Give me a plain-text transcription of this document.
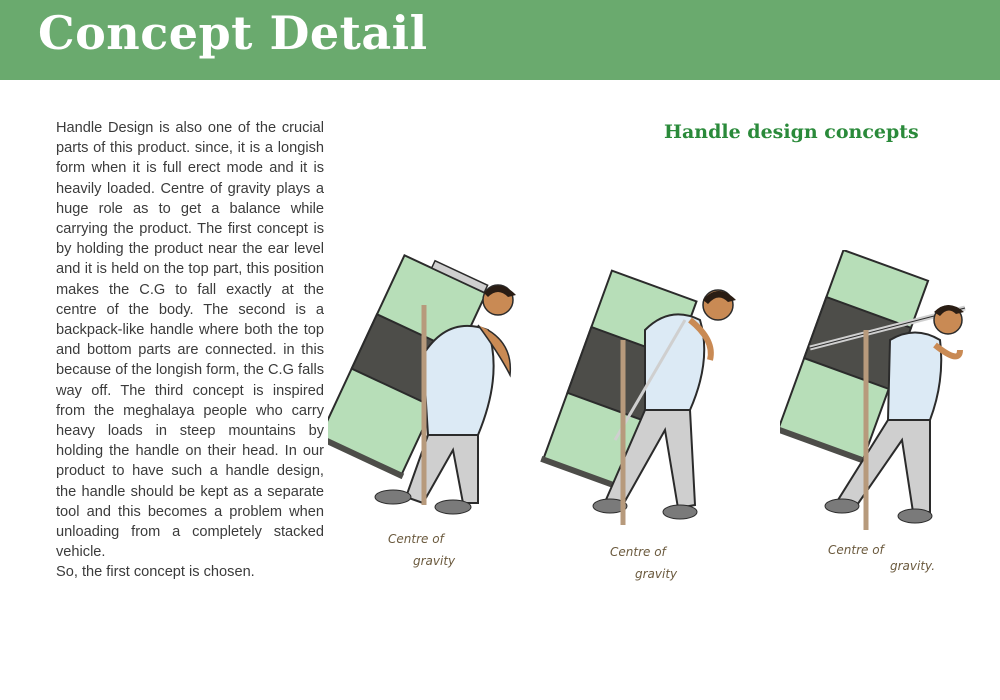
Concept Detail

Handle Design is also one of the crucial parts of this product. since, it is a longish form when it is full erect mode and it is heavily loaded. Centre of gravity plays a huge role as to get a balance while carrying the product. The first concept is by holding the product near the ear level and it is held on the top part, this position makes the C.G to fall exactly at the centre of the body. The second is a backpack-like handle where both the top and bottom parts are connected. in this because of the longish form, the C.G falls way off. The third concept is inspired from the meghalaya people who carry heavy loads in steep mountains by holding the handle on their head. In our product to have such a handle design, the handle should be kept as a separate tool and this becomes a problem when unloading from a completely stacked vehicle.

So, the first concept is chosen.

Handle design concepts
Centre of
gravity
Centre of
gravity
Centre of
gravity.
